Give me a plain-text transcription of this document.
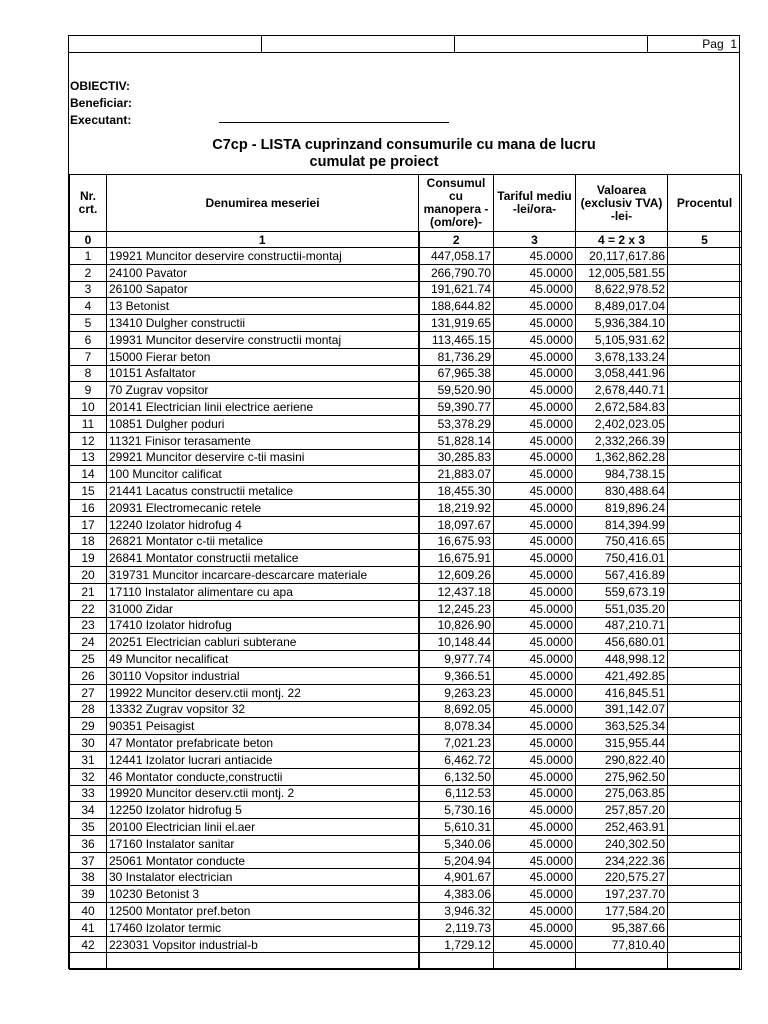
Pag 1
OBIECTIV:
Beneficiar:
Executant:
C7cp - LISTA cuprinzand consumurile cu mana de lucru
cumulat pe proiect
Nr. crt.	Denumirea meseriei	Consumul cu manopera -(om/ore)-	Tariful mediu -lei/ora-	Valoarea (exclusiv TVA) -lei-	Procentul
0	1	2	3	4 = 2 x 3	5
1	19921 Muncitor deservire constructii-montaj	447,058.17	45.0000	20,117,617.86	
2	24100 Pavator	266,790.70	45.0000	12,005,581.55	
3	26100 Sapator	191,621.74	45.0000	8,622,978.52	
4	13 Betonist	188,644.82	45.0000	8,489,017.04	
5	13410 Dulgher constructii	131,919.65	45.0000	5,936,384.10	
6	19931 Muncitor deservire constructii montaj	113,465.15	45.0000	5,105,931.62	
7	15000 Fierar beton	81,736.29	45.0000	3,678,133.24	
8	10151 Asfaltator	67,965.38	45.0000	3,058,441.96	
9	70 Zugrav vopsitor	59,520.90	45.0000	2,678,440.71	
10	20141 Electrician linii electrice aeriene	59,390.77	45.0000	2,672,584.83	
11	10851 Dulgher poduri	53,378.29	45.0000	2,402,023.05	
12	11321 Finisor terasamente	51,828.14	45.0000	2,332,266.39	
13	29921 Muncitor deservire c-tii masini	30,285.83	45.0000	1,362,862.28	
14	100 Muncitor calificat	21,883.07	45.0000	984,738.15	
15	21441 Lacatus constructii metalice	18,455.30	45.0000	830,488.64	
16	20931 Electromecanic retele	18,219.92	45.0000	819,896.24	
17	12240 Izolator hidrofug 4	18,097.67	45.0000	814,394.99	
18	26821 Montator c-tii metalice	16,675.93	45.0000	750,416.65	
19	26841 Montator constructii metalice	16,675.91	45.0000	750,416.01	
20	319731 Muncitor incarcare-descarcare materiale	12,609.26	45.0000	567,416.89	
21	17110 Instalator alimentare cu apa	12,437.18	45.0000	559,673.19	
22	31000 Zidar	12,245.23	45.0000	551,035.20	
23	17410 Izolator hidrofug	10,826.90	45.0000	487,210.71	
24	20251 Electrician cabluri subterane	10,148.44	45.0000	456,680.01	
25	49 Muncitor necalificat	9,977.74	45.0000	448,998.12	
26	30110 Vopsitor industrial	9,366.51	45.0000	421,492.85	
27	19922 Muncitor deserv.ctii montj. 22	9,263.23	45.0000	416,845.51	
28	13332 Zugrav vopsitor 32	8,692.05	45.0000	391,142.07	
29	90351 Peisagist	8,078.34	45.0000	363,525.34	
30	47 Montator prefabricate beton	7,021.23	45.0000	315,955.44	
31	12441 Izolator lucrari antiacide	6,462.72	45.0000	290,822.40	
32	46 Montator conducte,constructii	6,132.50	45.0000	275,962.50	
33	19920 Muncitor deserv.ctii montj. 2	6,112.53	45.0000	275,063.85	
34	12250 Izolator hidrofug 5	5,730.16	45.0000	257,857.20	
35	20100 Electrician linii el.aer	5,610.31	45.0000	252,463.91	
36	17160 Instalator sanitar	5,340.06	45.0000	240,302.50	
37	25061 Montator conducte	5,204.94	45.0000	234,222.36	
38	30 Instalator electrician	4,901.67	45.0000	220,575.27	
39	10230 Betonist 3	4,383.06	45.0000	197,237.70	
40	12500 Montator pref.beton	3,946.32	45.0000	177,584.20	
41	17460 Izolator termic	2,119.73	45.0000	95,387.66	
42	223031 Vopsitor industrial-b	1,729.12	45.0000	77,810.40	
